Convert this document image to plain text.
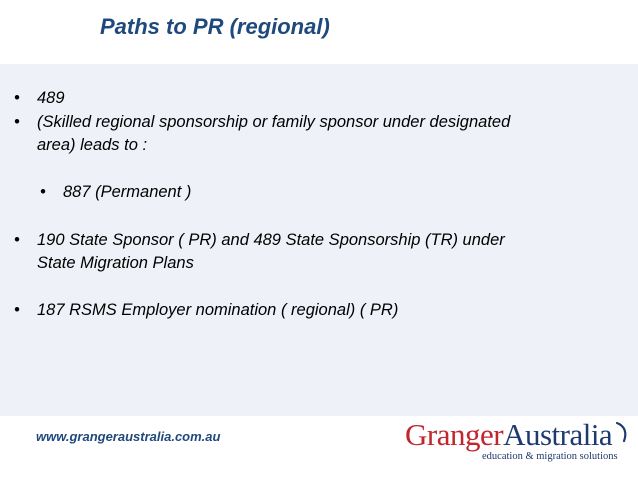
Paths to PR (regional)
• 489
• (Skilled regional sponsorship or family sponsor under designated
area) leads to :
• 887 (Permanent )
• 190 State Sponsor ( PR) and 489 State Sponsorship (TR) under
State Migration Plans
• 187 RSMS Employer nomination ( regional) ( PR)
www.grangeraustralia.com.au	GrangerAustralia
education & migration solutions
